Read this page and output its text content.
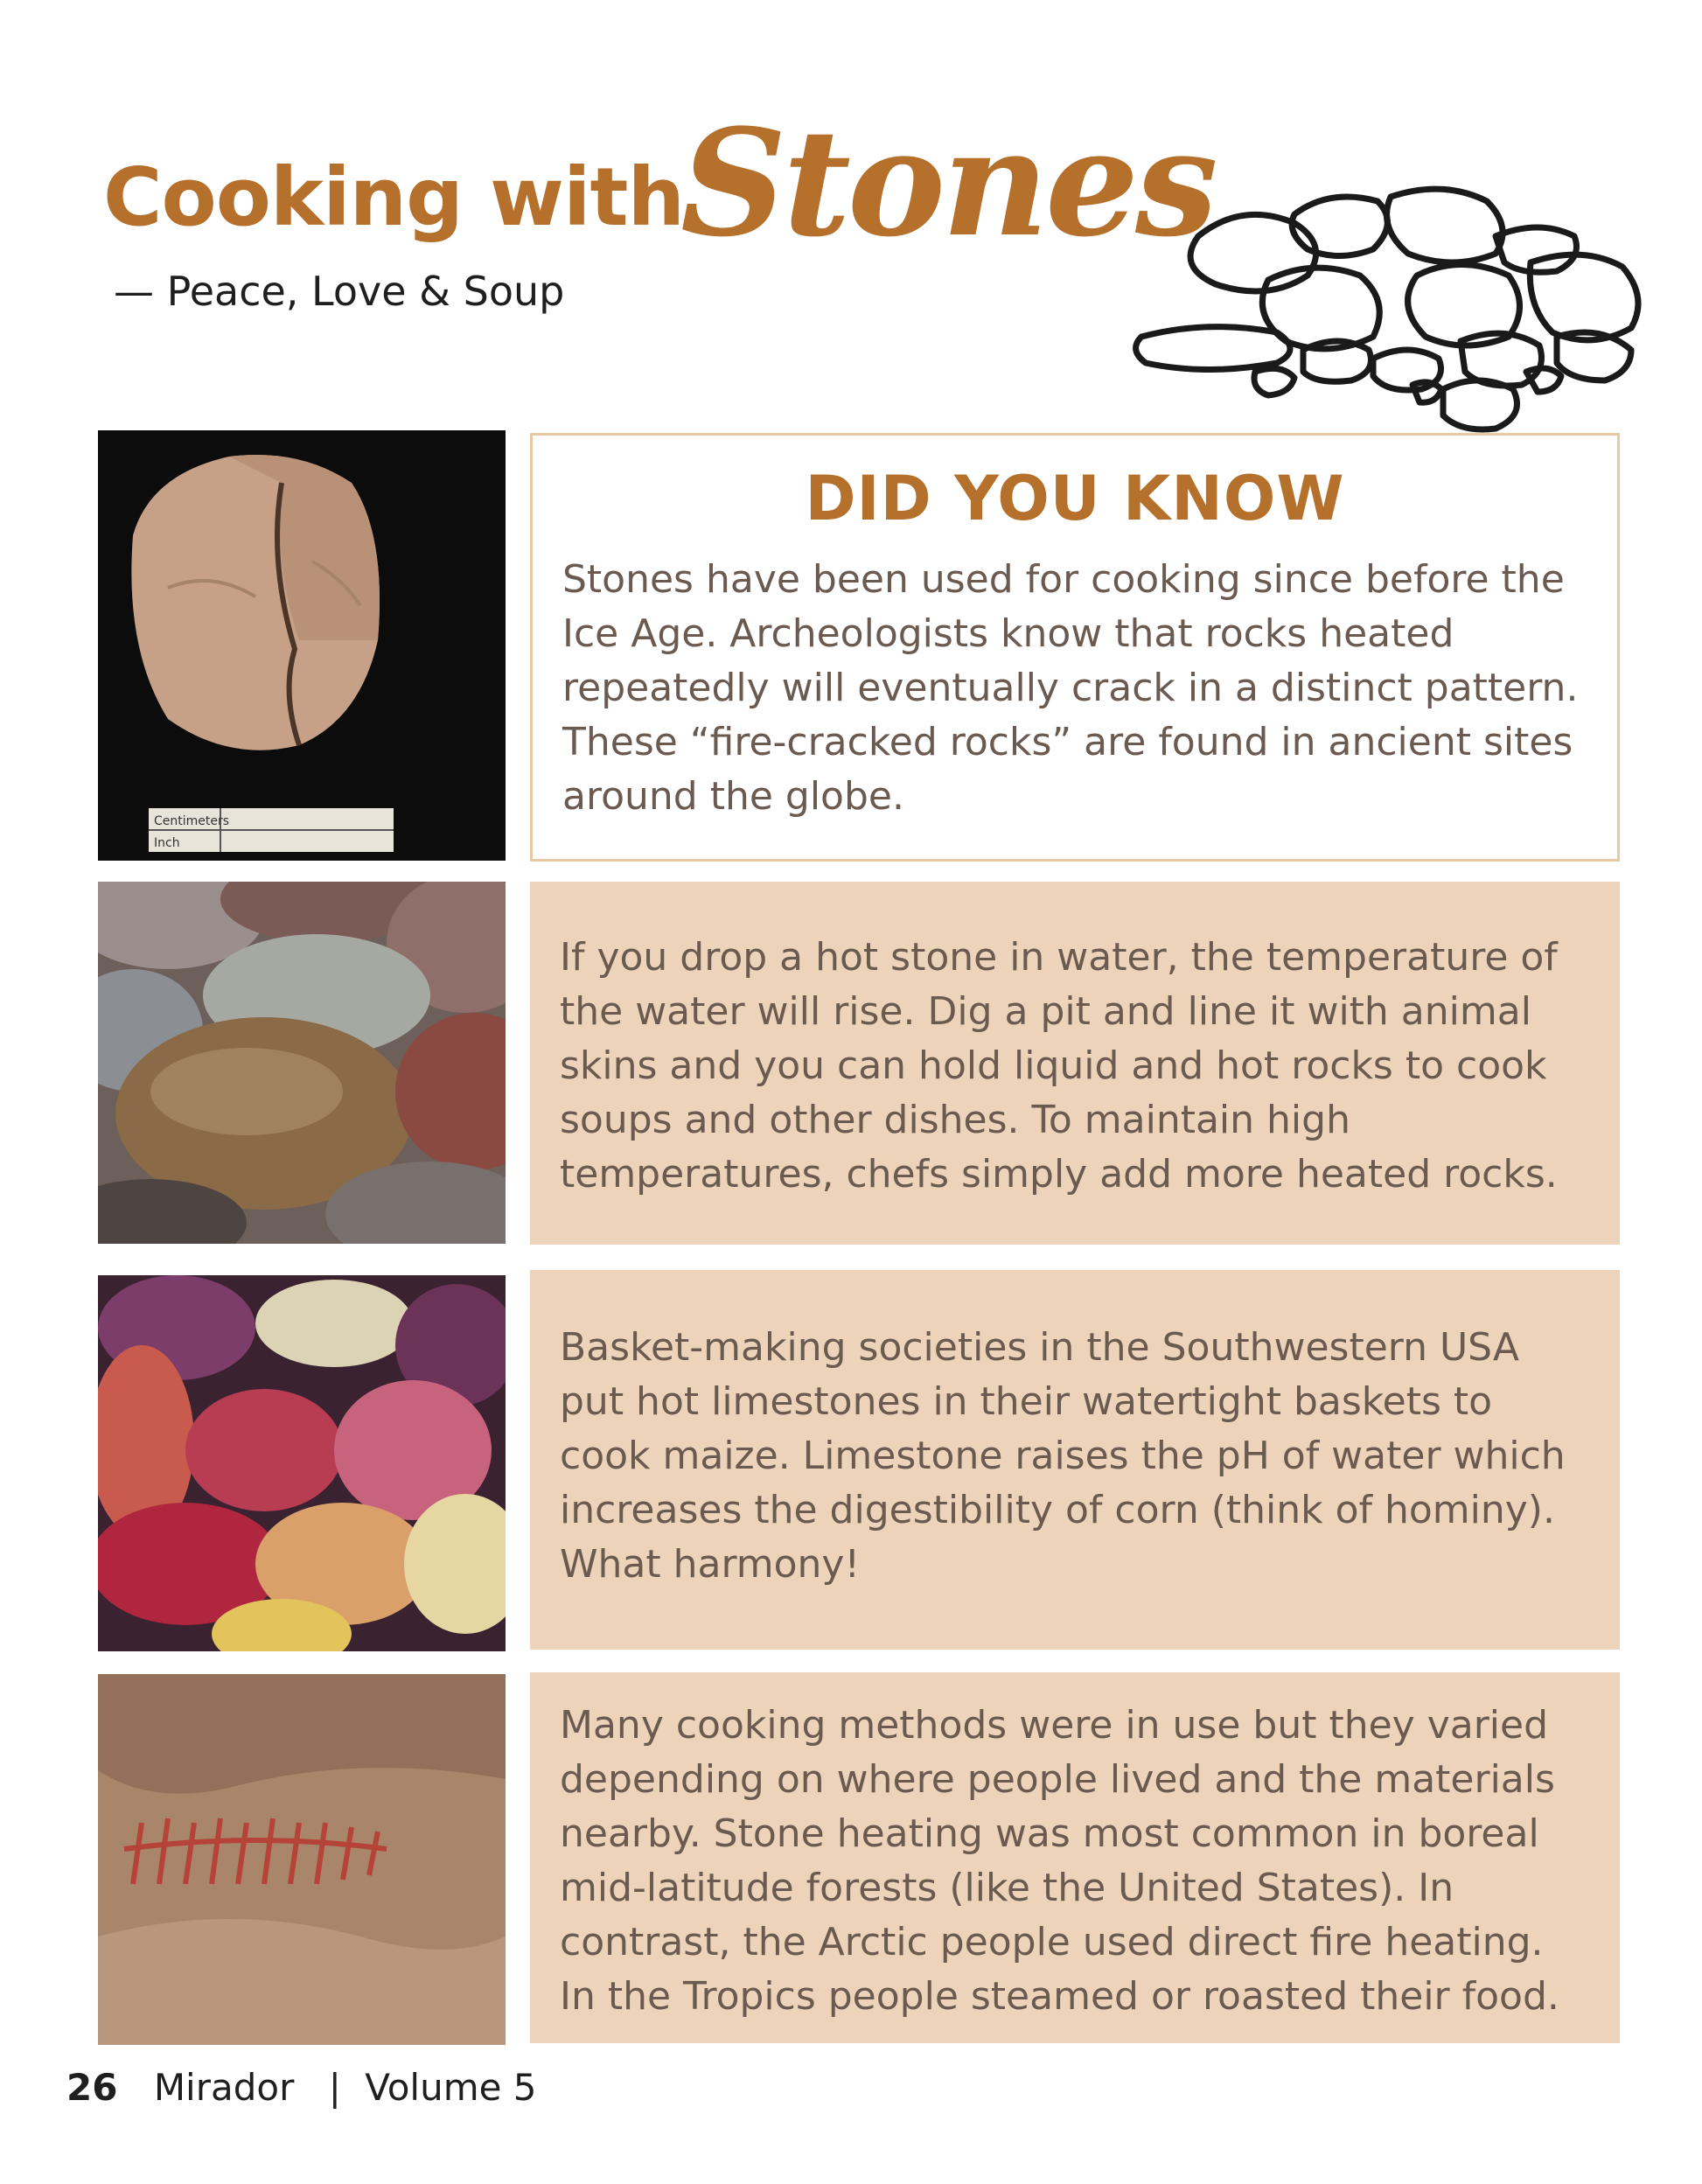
Cooking with
Stones
— Peace, Love & Soup
Centimeters
Inch
DID YOU KNOW

Stones have been used for cooking since before the Ice Age. Archeologists know that rocks heated repeatedly will eventually crack in a distinct pattern. These “fire-cracked rocks” are found in ancient sites around the globe.

If you drop a hot stone in water, the temperature of the water will rise. Dig a pit and line it with animal skins and you can hold liquid and hot rocks to cook soups and other dishes. To maintain high temperatures, chefs simply add more heated rocks.

Basket-making societies in the Southwestern USA put hot limestones in their watertight baskets to cook maize. Limestone raises the pH of water which increases the digestibility of corn (think of hominy). What harmony!

Many cooking methods were in use but they varied depending on where people lived and the materials nearby. Stone heating was most common in boreal mid-latitude forests (like the United States). In contrast, the Arctic people used direct fire heating. In the Tropics people steamed or roasted their food.

26 Mirador | Volume 5
